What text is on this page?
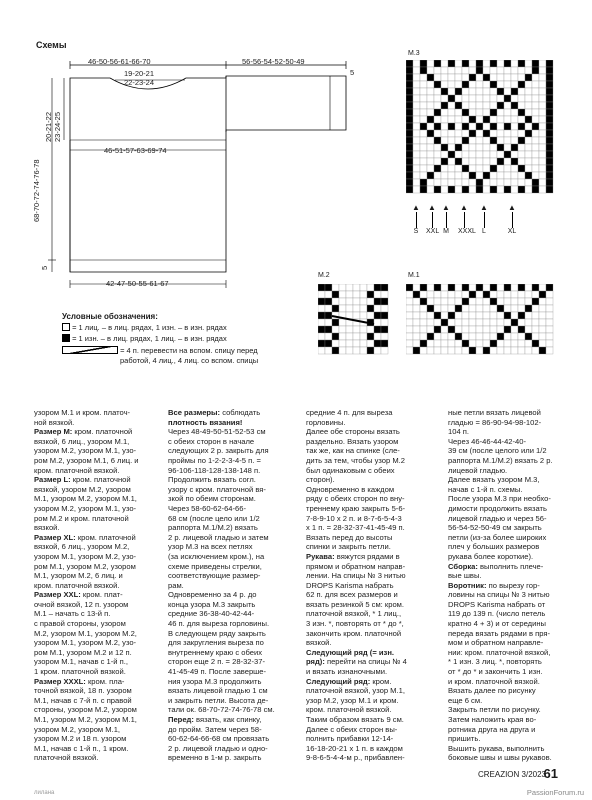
Схемы
46-50-56-61-66-70	56-56-54-52-50-49
5
19-20-21
22-23-24
20-21-22 23-24-25
68-70-72-74-76-78
46-51-57-63-69-74
5
42-47-50-55-61-67
Условные обозначения:
= 1 лиц. – в лиц. рядах, 1 изн. – в изн. рядах
= 1 изн. – в лиц. рядах, 1 лиц. – в изн. рядах
= 4 п. перевести на вспом. спицу перед
работой, 4 лиц., 4 лиц. со вспом. спицы
М.3
▲
S
▲
XXL
▲
M
▲
XXXL
▲
L
▲
XL
М.2	М.1

узором М.1 и кром. платоч-

ной вязкой.

Размер M: кром. платочной

вязкой, 6 лиц., узором М.1,

узором М.2, узором М.1, узо-

ром М.2, узором М.1, 6 лиц. и

кром. платочной вязкой.

Размер L: кром. платочной

вязкой, узором М.2, узором

М.1, узором М.2, узором М.1,

узором М.2, узором М.1, узо-

ром М.2 и кром. платочной

вязкой.

Размер XL: кром. платочной

вязкой, 6 лиц., узором М.2,

узором М.1, узором М.2, узо-

ром М.1, узором М.2, узором

М.1, узором М.2, 6 лиц. и

кром. платочной вязкой.

Размер XXL: кром. плат-

очной вязкой, 12 п. узором

М.1 – начать с 13-й п.

с правой стороны, узором

М.2, узором М.1, узором М.2,

узором М.1, узором М.2, узо-

ром М.1, узором М.2 и 12 п.

узором М.1, начав с 1-й п.,

1 кром. платочной вязкой.

Размер XXXL: кром. пла-

точной вязкой, 18 п. узором

М.1, начав с 7-й п. с правой

стороны, узором М.2, узором

М.1, узором М.2, узором М.1,

узором М.2, узором М.1,

узором М.2 и 18 п. узором

М.1, начав с 1-й п., 1 кром.

платочной вязкой.

Все размеры: соблюдать

плотность вязания!

Через 48-49-50-51-52-53 см

с обеих сторон в начале

следующих 2 р. закрыть для

проймы по 1-2-2-3-4-5 п. =

96-106-118-128-138-148 п.

Продолжить вязать согл.

узору с кром. платочной вя-

зкой по обеим сторонам.

Через 58-60-62-64-66-

68 см (после цело или 1/2

раппорта М.1/М.2) вязать

2 р. лицевой гладью и затем

узор М.3 на всех петлях

(за исключением кром.), на

схеме приведены стрелки,

соответствующие размер-

рам.

Одновременно за 4 р. до

конца узора М.3 закрыть

средние 36-38-40-42-44-

46 п. для выреза горловины.

В следующем ряду закрыть

для закругления выреза по

внутреннему краю с обеих

сторон еще 2 п. = 28-32-37-

41-45-49 п. После заверше-

ния узора М.3 продолжить

вязать лицевой гладью 1 см

и закрыть петли. Высота де-

тали ок. 68-70-72-74-76-78 см.

Перед: вязать, как спинку,

до пройм. Затем через 58-

60-62-64-66-68 см провязать

2 р. лицевой гладью и одно-

временно в 1-м р. закрыть

средние 4 п. для выреза

горловины.

Далее обе стороны вязать

раздельно. Вязать узором

так же, как на спинке (сле-

дить за тем, чтобы узор М.2

был одинаковым с обеих

сторон).

Одновременно в каждом

ряду с обеих сторон по вну-

треннему краю закрыть 5-6-

7-8-9-10 х 2 п. и 8-7-6-5-4-3

х 1 п. = 28-32-37-41-45-49 п.

Вязать перед до высоты

спинки и закрыть петли.

Рукава: вяжутся рядами в

прямом и обратном направ-

лении. На спицы № 3 нитью

DROPS Karisma набрать

62 п. для всех размеров и

вязать резинкой 5 см: кром.

платочной вязкой, * 1 лиц.,

3 изн. *, повторять от * до *,

закончить кром. платочной

вязкой.

Следующий ряд (= изн.

ряд): перейти на спицы № 4

и вязать изнаночными.

Следующий ряд: кром.

платочной вязкой, узор М.1,

узор М.2, узор М.1 и кром.

кром. платочной вязкой.

Таким образом вязать 9 см.

Далее с обеих сторон вы-

полнить прибавки 12-14-

16-18-20-21 х 1 п. в каждом

9-8-6-5-4-4-м р., прибавлен-

ные петли вязать лицевой

гладью = 86-90-94-98-102-

104 п.

Через 46-46-44-42-40-

39 см (после целого или 1/2

раппорта М.1/М.2) вязать 2 р.

лицевой гладью.

Далее вязать узором М.3,

начав с 1-й п. схемы.

После узора М.3 при необхо-

димости продолжить вязать

лицевой гладью и через 56-

56-54-52-50-49 см закрыть

петли (из-за более широких

плеч у больших размеров

рукава более короткие).

Сборка: выполнить плече-

вые швы.

Воротник: по вырезу гор-

ловины на спицы № 3 нитью

DROPS Karisma набрать от

119 до 139 п. (число петель

кратно 4 + 3) и от середины

переда вязать рядами в пря-

мом и обратном направле-

нии: кром. платочной вязкой,

* 1 изн. 3 лиц. *, повторять

от * до * и закончить 1 изн.

и кром. платочной вязкой.

Вязать далее по рисунку

еще 6 см.

Закрыть петли по рисунку.

Затем наложить края во-

ротника друга на друга и

пришить.

Вышить рукава, выполнить

боковые швы и швы рукавов.

CREAZION 3/2023
61
PassionForum.ru
лилана
